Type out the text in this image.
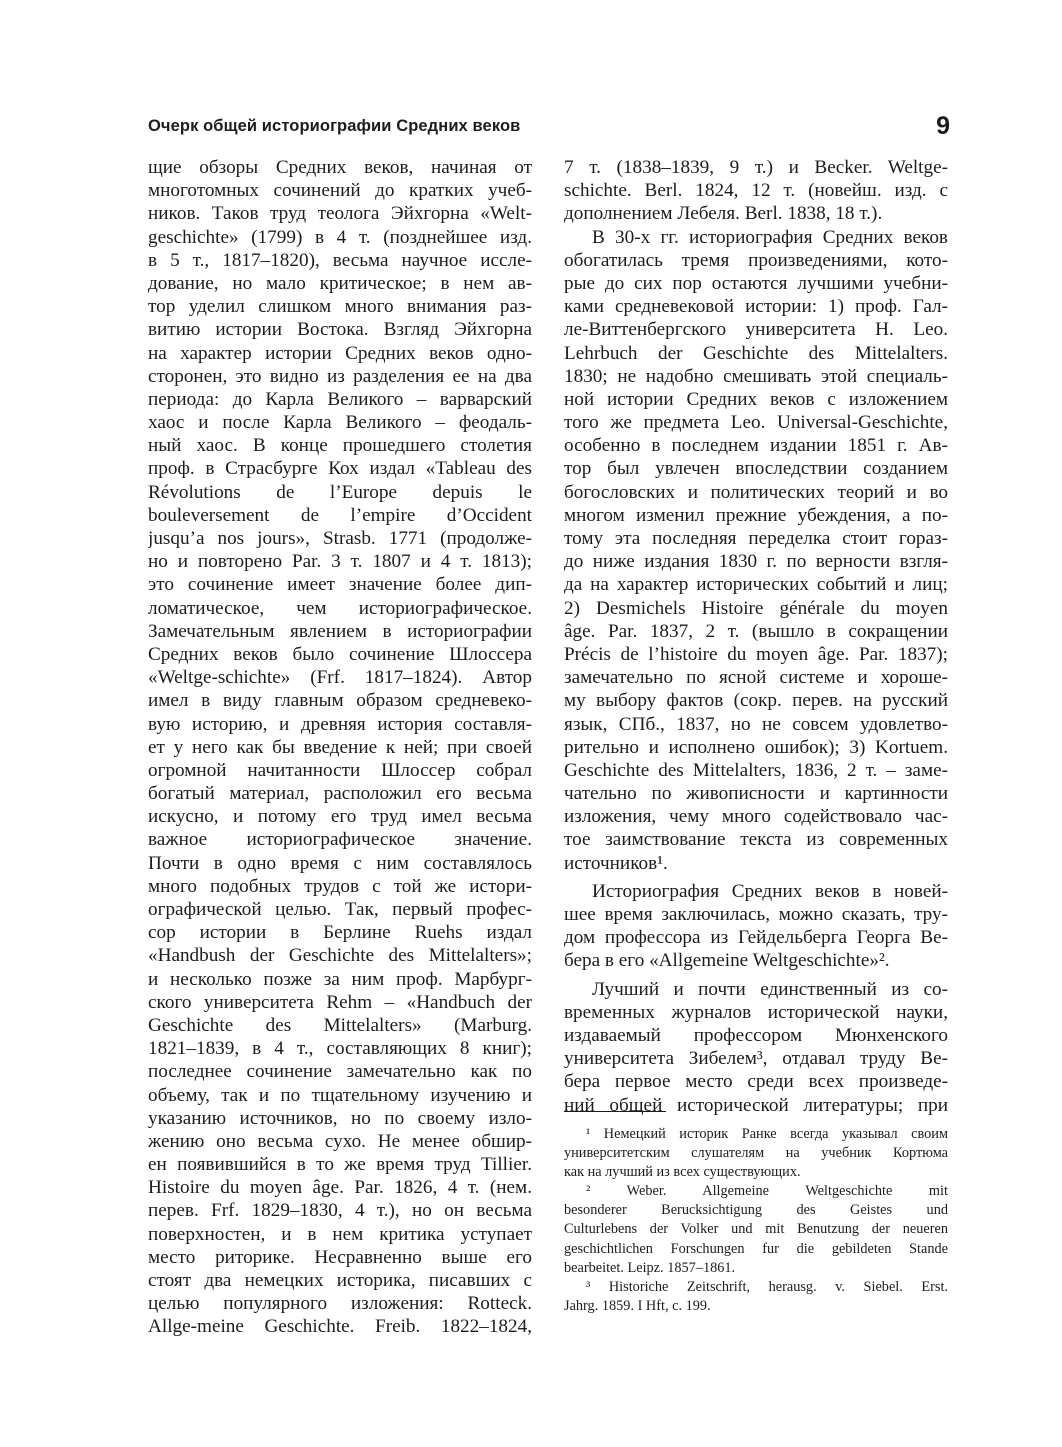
Очерк общей историографии Средних веков	9
щие обзоры Средних веков, начиная от
многотомных сочинений до кратких учеб-
ников. Таков труд теолога Эйхгорна «Welt-
geschichte» (1799) в 4 т. (позднейшее изд.
в 5 т., 1817–1820), весьма научное иссле-
дование, но мало критическое; в нем ав-
тор уделил слишком много внимания раз-
витию истории Востока. Взгляд Эйхгорна
на характер истории Средних веков одно-
сторонен, это видно из разделения ее на два
периода: до Карла Великого – варварский
хаос и после Карла Великого – феодаль-
ный хаос. В конце прошедшего столетия
проф. в Страсбурге Кох издал «Tableau des
Révolutions de l’Europe depuis le
bouleversement de l’empire d’Occident
jusqu’a nos jours», Strasb. 1771 (продолже-
но и повторено Par. 3 т. 1807 и 4 т. 1813);
это сочинение имеет значение более дип-
ломатическое, чем историографическое.
Замечательным явлением в историографии
Средних веков было сочинение Шлоссера
«Weltge-schichte» (Frf. 1817–1824). Автор
имел в виду главным образом средневеко-
вую историю, и древняя история составля-
ет у него как бы введение к ней; при своей
огромной начитанности Шлоссер собрал
богатый материал, расположил его весьма
искусно, и потому его труд имел весьма
важное историографическое значение.
Почти в одно время с ним составлялось
много подобных трудов с той же истори-
ографической целью. Так, первый профес-
сор истории в Берлине Ruehs издал
«Handbush der Geschichte des Mittelalters»;
и несколько позже за ним проф. Марбург-
ского университета Rehm – «Handbuch der
Geschichte des Mittelalters» (Marburg.
1821–1839, в 4 т., составляющих 8 книг);
последнее сочинение замечательно как по
объему, так и по тщательному изучению и
указанию источников, но по своему изло-
жению оно весьма сухо. Не менее обшир-
ен появившийся в то же время труд Tillier.
Histoire du moyen âge. Par. 1826, 4 т. (нем.
перев. Frf. 1829–1830, 4 т.), но он весьма
поверхностен, и в нем критика уступает
место риторике. Несравненно выше его
стоят два немецких историка, писавших с
целью популярного изложения: Rotteck.
Allge-meine Geschichte. Freib. 1822–1824,
7 т. (1838–1839, 9 т.) и Becker. Weltge-
schichte. Berl. 1824, 12 т. (новейш. изд. с
дополнением Лебеля. Berl. 1838, 18 т.).
В 30-х гг. историография Средних веков
обогатилась тремя произведениями, кото-
рые до сих пор остаются лучшими учебни-
ками средневековой истории: 1) проф. Гал-
ле-Виттенбергского университета H. Leo.
Lehrbuch der Geschichte des Mittelalters.
1830; не надобно смешивать этой специаль-
ной истории Средних веков с изложением
того же предмета Leo. Universal-Geschichte,
особенно в последнем издании 1851 г. Ав-
тор был увлечен впоследствии созданием
богословских и политических теорий и во
многом изменил прежние убеждения, а по-
тому эта последняя переделка стоит гораз-
до ниже издания 1830 г. по верности взгля-
да на характер исторических событий и лиц;
2) Desmichels Histoire générale du moyen
âge. Par. 1837, 2 т. (вышло в сокращении
Précis de l’histoire du moyen âge. Par. 1837);
замечательно по ясной системе и хороше-
му выбору фактов (сокр. перев. на русский
язык, СПб., 1837, но не совсем удовлетво-
рительно и исполнено ошибок); 3) Kortuem.
Geschichte des Mittelalters, 1836, 2 т. – заме-
чательно по живописности и картинности
изложения, чему много содействовало час-
тое заимствование текста из современных
источников¹.
Историография Средних веков в новей-
шее время заключилась, можно сказать, тру-
дом профессора из Гейдельберга Георга Ве-
бера в его «Allgemeine Weltgeschichte»².
Лучший и почти единственный из со-
временных журналов исторической науки,
издаваемый профессором Мюнхенского
университета Зибелем³, отдавал труду Ве-
бера первое место среди всех произведе-
ний общей исторической литературы; при
¹ Немецкий историк Ранке всегда указывал своим
университетским слушателям на учебник Кортюма
как на лучший из всех существующих.
² Weber. Allgemeine Weltgeschichte mit
besonderer Berucksichtigung des Geistes und
Culturlebens der Volker und mit Benutzung der neueren
geschichtlichen Forschungen fur die gebildeten Stande
bearbeitet. Leipz. 1857–1861.
³ Historiche Zeitschrift, herausg. v. Siebel. Erst.
Jahrg. 1859. I Hft, c. 199.
